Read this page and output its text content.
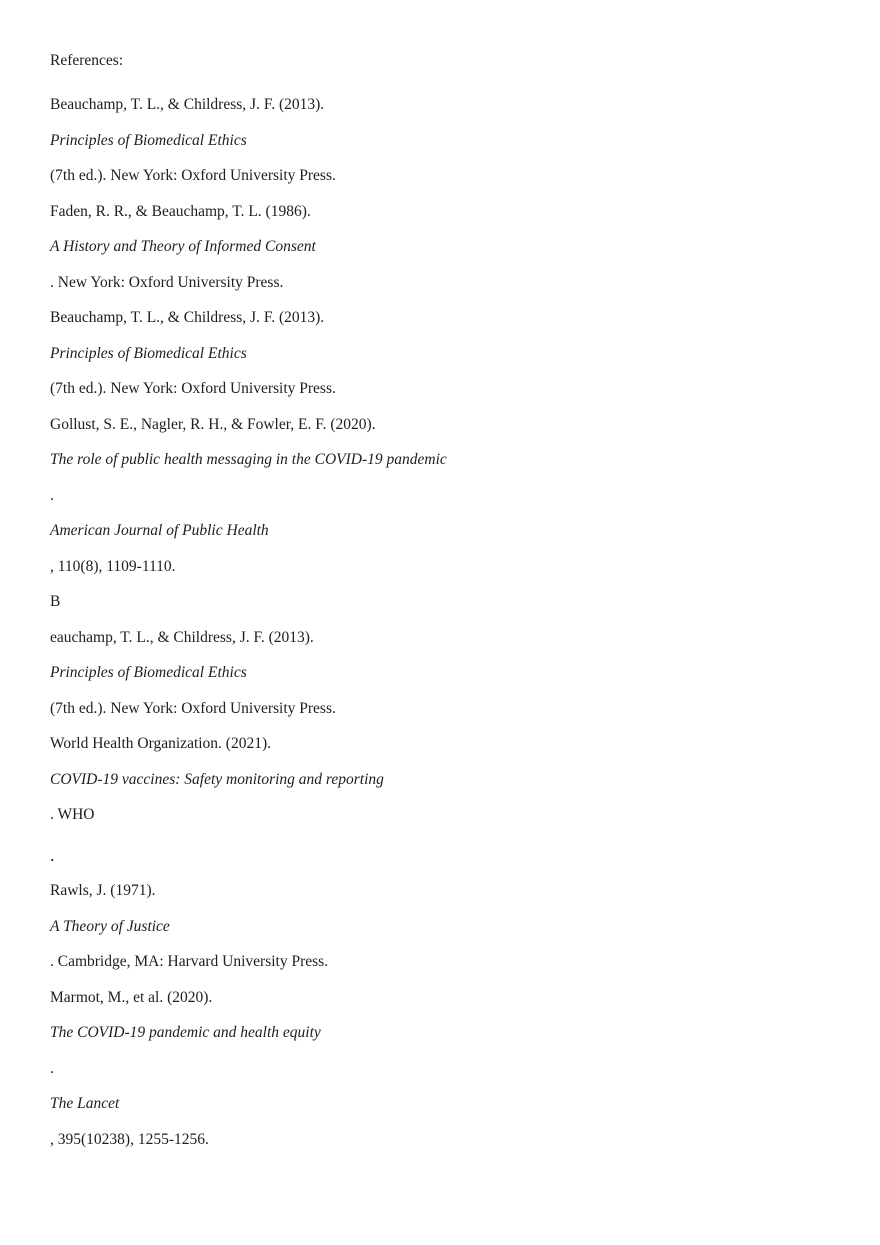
References:
Beauchamp, T. L., & Childress, J. F. (2013).
Principles of Biomedical Ethics
(7th ed.). New York: Oxford University Press.
Faden, R. R., & Beauchamp, T. L. (1986).
A History and Theory of Informed Consent
. New York: Oxford University Press.
Beauchamp, T. L., & Childress, J. F. (2013).
Principles of Biomedical Ethics
(7th ed.). New York: Oxford University Press.
Gollust, S. E., Nagler, R. H., & Fowler, E. F. (2020).
The role of public health messaging in the COVID-19 pandemic
.
American Journal of Public Health
, 110(8), 1109-1110.
B
eauchamp, T. L., & Childress, J. F. (2013).
Principles of Biomedical Ethics
(7th ed.). New York: Oxford University Press.
World Health Organization. (2021).
COVID-19 vaccines: Safety monitoring and reporting
. WHO
.
Rawls, J. (1971).
A Theory of Justice
. Cambridge, MA: Harvard University Press.
Marmot, M., et al. (2020).
The COVID-19 pandemic and health equity
.
The Lancet
, 395(10238), 1255-1256.
